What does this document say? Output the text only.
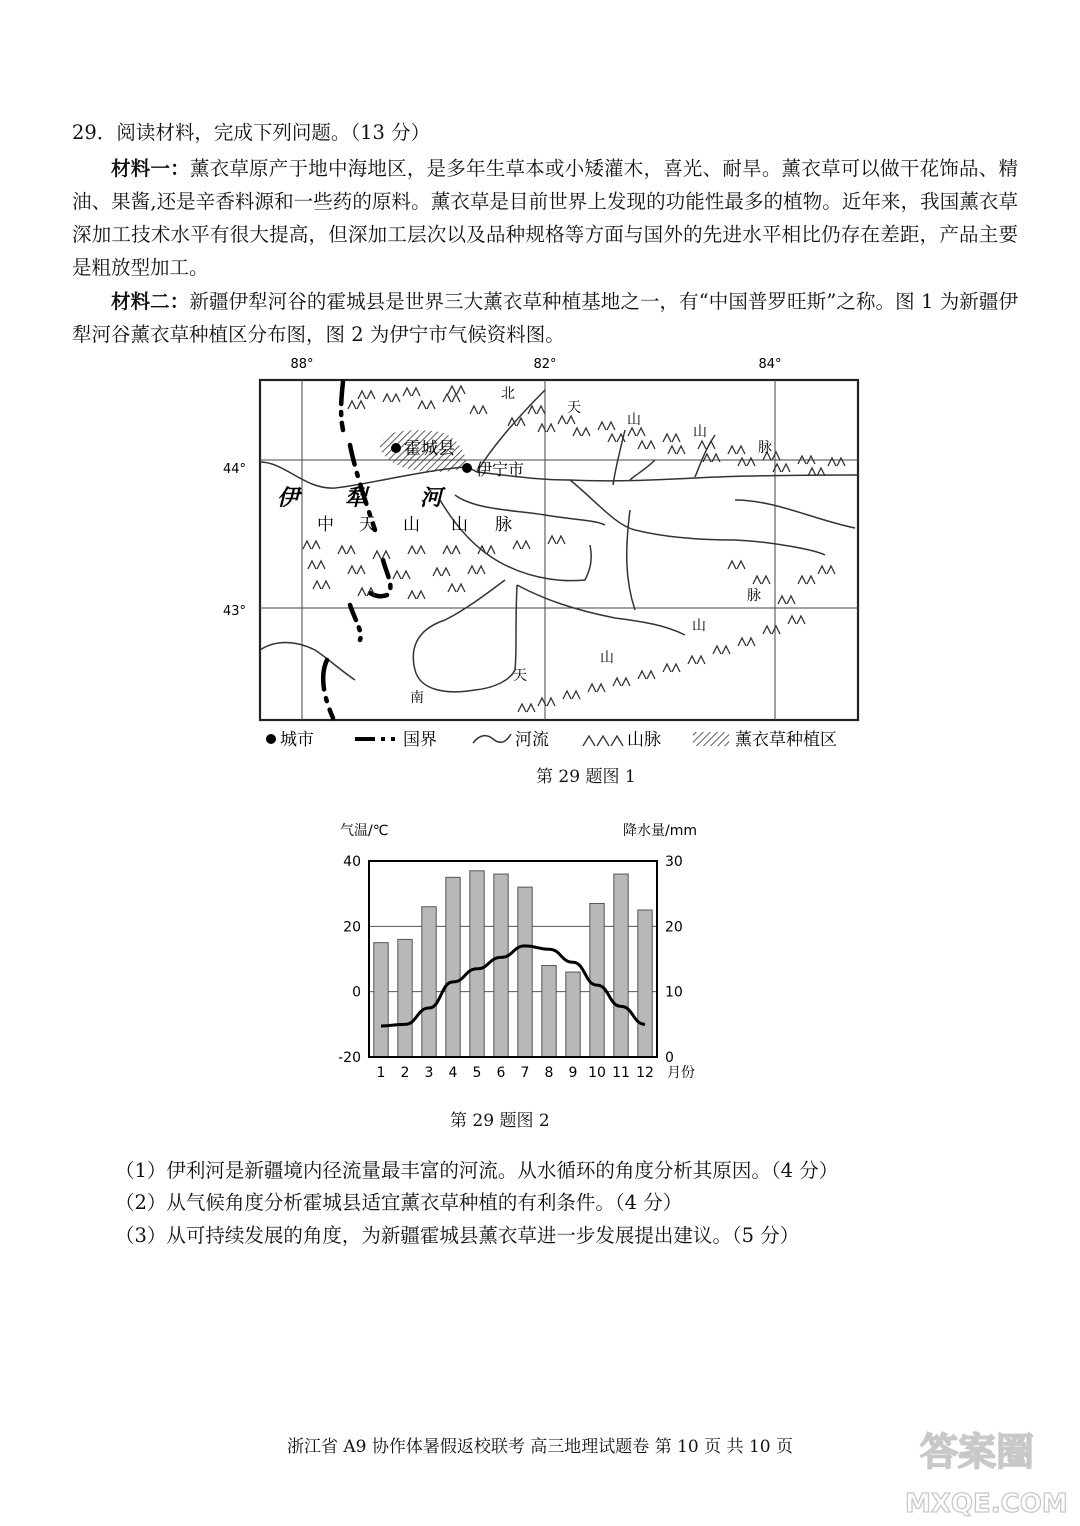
29．阅读材料，完成下列问题。（13 分）
材料一：薰衣草原产于地中海地区，是多年生草本或小矮灌木，喜光、耐旱。薰衣草可以做干花饰品、精油、果酱,还是辛香料源和一些药的原料。薰衣草是目前世界上发现的功能性最多的植物。近年来，我国薰衣草深加工技术水平有很大提高，但深加工层次以及品种规格等方面与国外的先进水平相比仍存在差距，产品主要是粗放型加工。
材料二：新疆伊犁河谷的霍城县是世界三大薰衣草种植基地之一，有“中国普罗旺斯”之称。图 1 为新疆伊犁河谷薰衣草种植区分布图，图 2 为伊宁市气候资料图。
88°	82°	84°
44°
43°
霍城县
伊宁市
伊 犁 河
中 天 山 山 脉
北
天
山
山
脉
南
天
山
山
脉
城市	国界	河流	山脉	薰衣草种植区
第 29 题图 1
气温/℃	降水量/mm
40
20
0
-20
30
20
10
0
1 2 3 4 5 6 7 8 9 10 11 12 月份
第 29 题图 2
（1）伊利河是新疆境内径流量最丰富的河流。从水循环的角度分析其原因。（4 分）
（2）从气候角度分析霍城县适宜薰衣草种植的有利条件。（4 分）
（3）从可持续发展的角度，为新疆霍城县薰衣草进一步发展提出建议。（5 分）
浙江省 A9 协作体暑假返校联考 高三地理试题卷 第 10 页 共 10 页	答案圈
MXQE.COM
